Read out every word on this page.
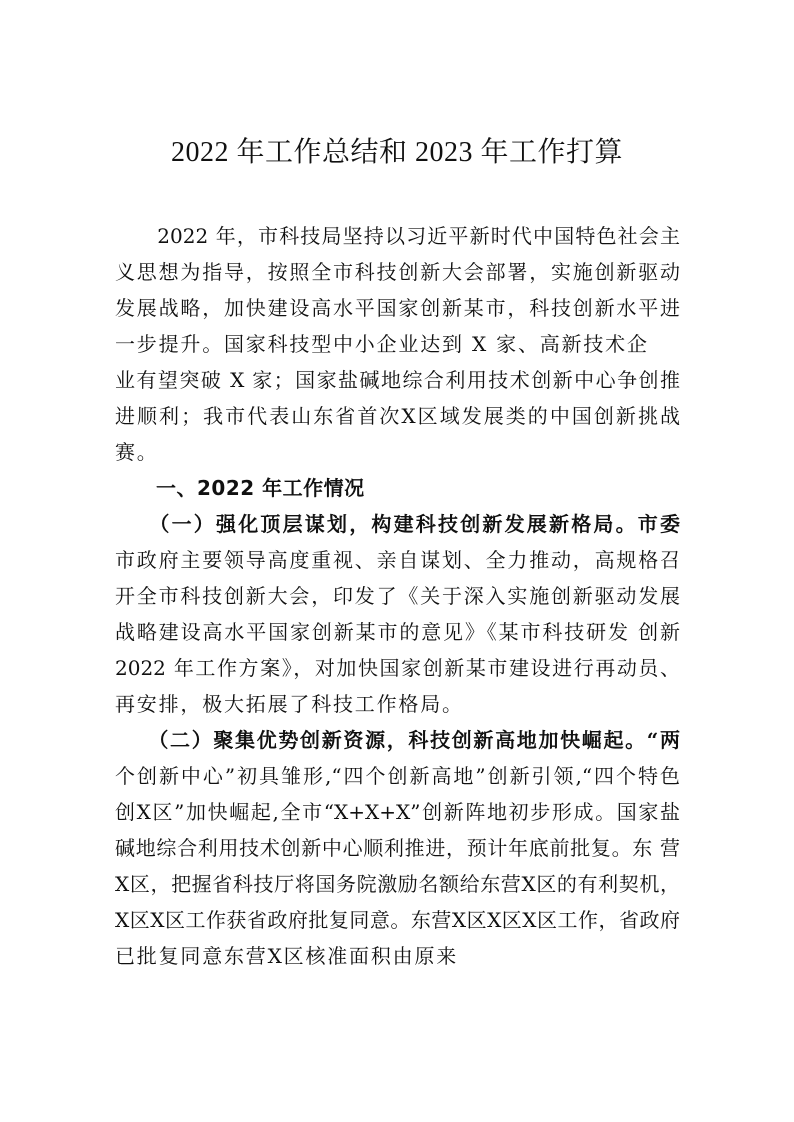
2022 年工作总结和 2023 年工作打算
　　2022 年，市科技局坚持以习近平新时代中国特色社会主
义思想为指导，按照全市科技创新大会部署，实施创新驱动
发展战略，加快建设高水平国家创新某市，科技创新水平进
一步提升。国家科技型中小企业达到 X 家、高新技术企
业有望突破 X 家；国家盐碱地综合利用技术创新中心争创推
进顺利；我市代表山东省首次X区域发展类的中国创新挑战
赛。
　　一、2022 年工作情况
　　（一）强化顶层谋划，构建科技创新发展新格局。市委
市政府主要领导高度重视、亲自谋划、全力推动，高规格召
开全市科技创新大会，印发了《关于深入实施创新驱动发展
战略建设高水平国家创新某市的意见》《某市科技研发 创新
2022 年工作方案》，对加快国家创新某市建设进行再动员、
再安排，极大拓展了科技工作格局。
　　（二）聚集优势创新资源，科技创新高地加快崛起。“两
个创新中心”初具雏形,“四个创新高地”创新引领,“四个特色
创X区”加快崛起,全市“X+X+X”创新阵地初步形成。国家盐
碱地综合利用技术创新中心顺利推进，预计年底前批复。东 营
X区，把握省科技厅将国务院激励名额给东营X区的有利契机，
X区X区工作获省政府批复同意。东营X区X区X区工作，省政府
已批复同意东营X区核准面积由原来
